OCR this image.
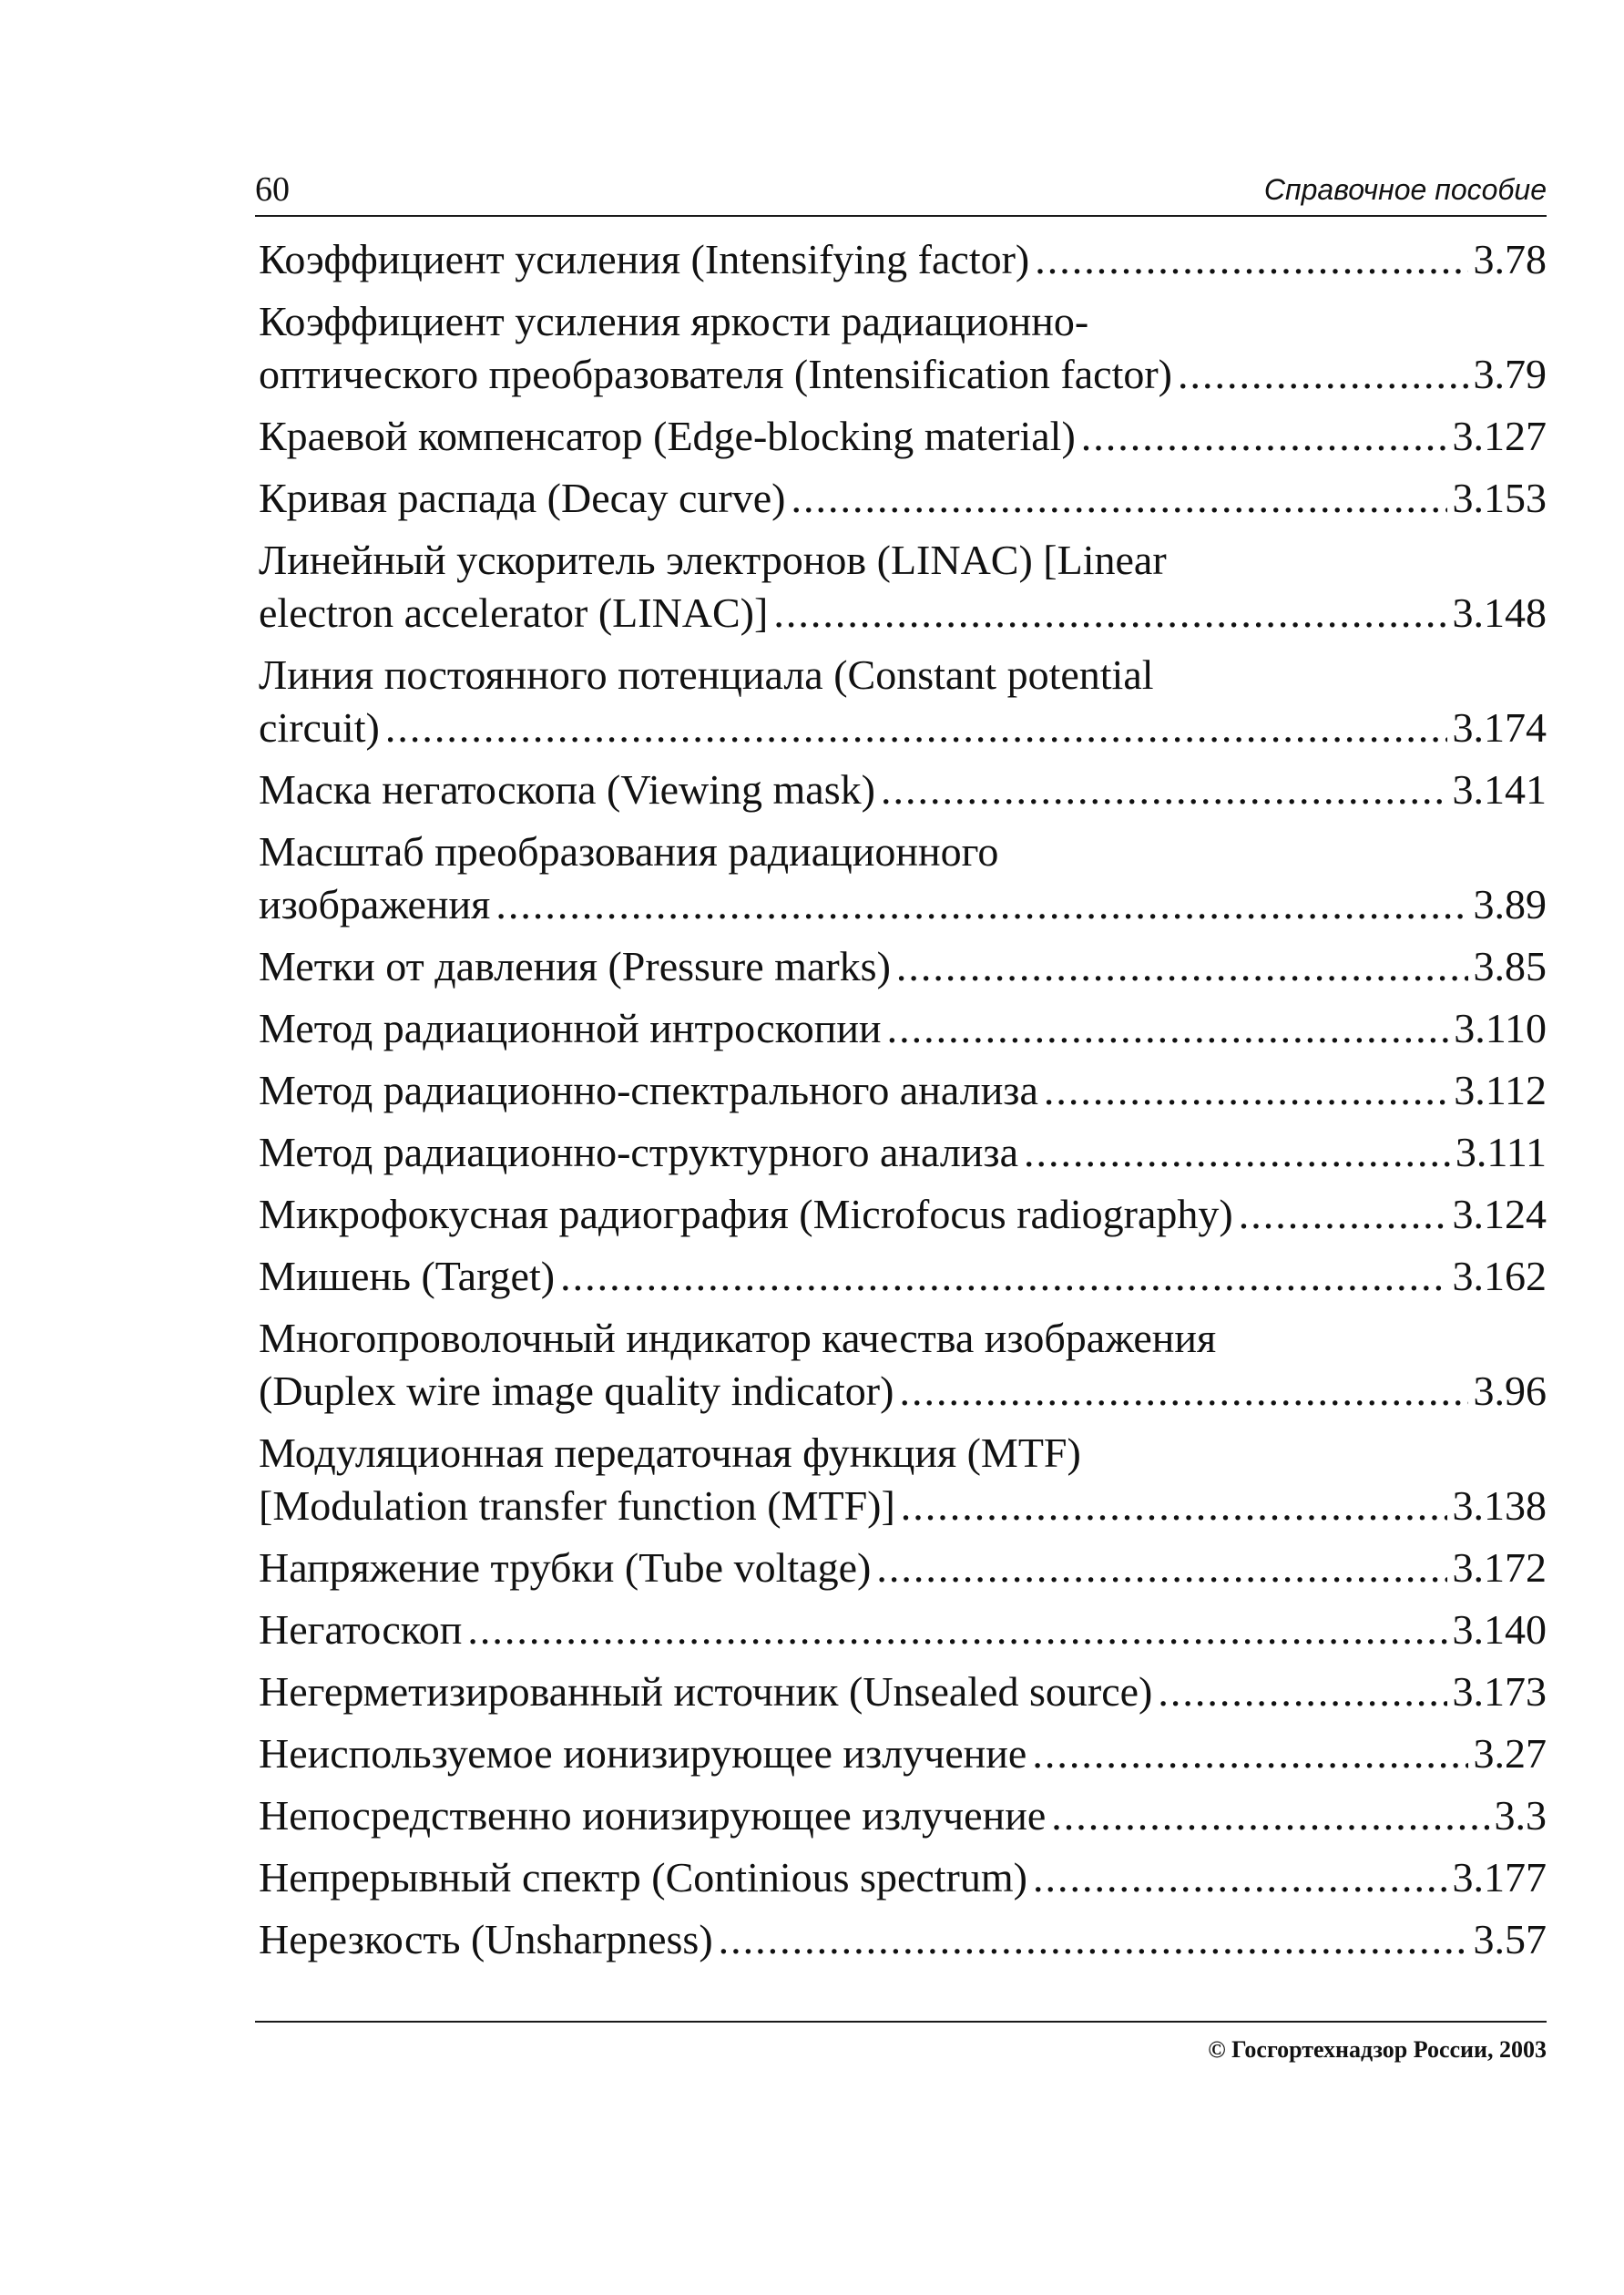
60	Справочное пособие
Коэффициент усиления (Intensifying factor) .....	3.78
Коэффициент усиления яркости радиационно-
оптического преобразователя (Intensification factor) .....	3.79
Краевой компенсатор (Edge-blocking material) .....	3.127
Кривая распада (Decay curve) .....	3.153
Линейный ускоритель электронов (LINAC) [Linear
electron accelerator (LINAC)] .....	3.148
Линия постоянного потенциала (Constant potential
circuit) .....	3.174
Маска негатоскопа (Viewing mask) .....	3.141
Масштаб преобразования радиационного
изображения .....	3.89
Метки от давления (Pressure marks) .....	3.85
Метод радиационной интроскопии .....	3.110
Метод радиационно-спектрального анализа .....	3.112
Метод радиационно-структурного анализа .....	3.111
Микрофокусная радиография (Microfocus radiography) .....	3.124
Мишень (Target) .....	3.162
Многопроволочный индикатор качества изображения
(Duplex wire image quality indicator) .....	3.96
Модуляционная передаточная функция (MTF)
[Modulation transfer function (MTF)] .....	3.138
Напряжение трубки (Tube voltage) .....	3.172
Негатоскоп .....	3.140
Негерметизированный источник (Unsealed source) .....	3.173
Неиспользуемое ионизирующее излучение .....	3.27
Непосредственно ионизирующее излучение .....	3.3
Непрерывный спектр (Continious spectrum) .....	3.177
Нерезкость (Unsharpness) .....	3.57
© Госгортехнадзор России, 2003
